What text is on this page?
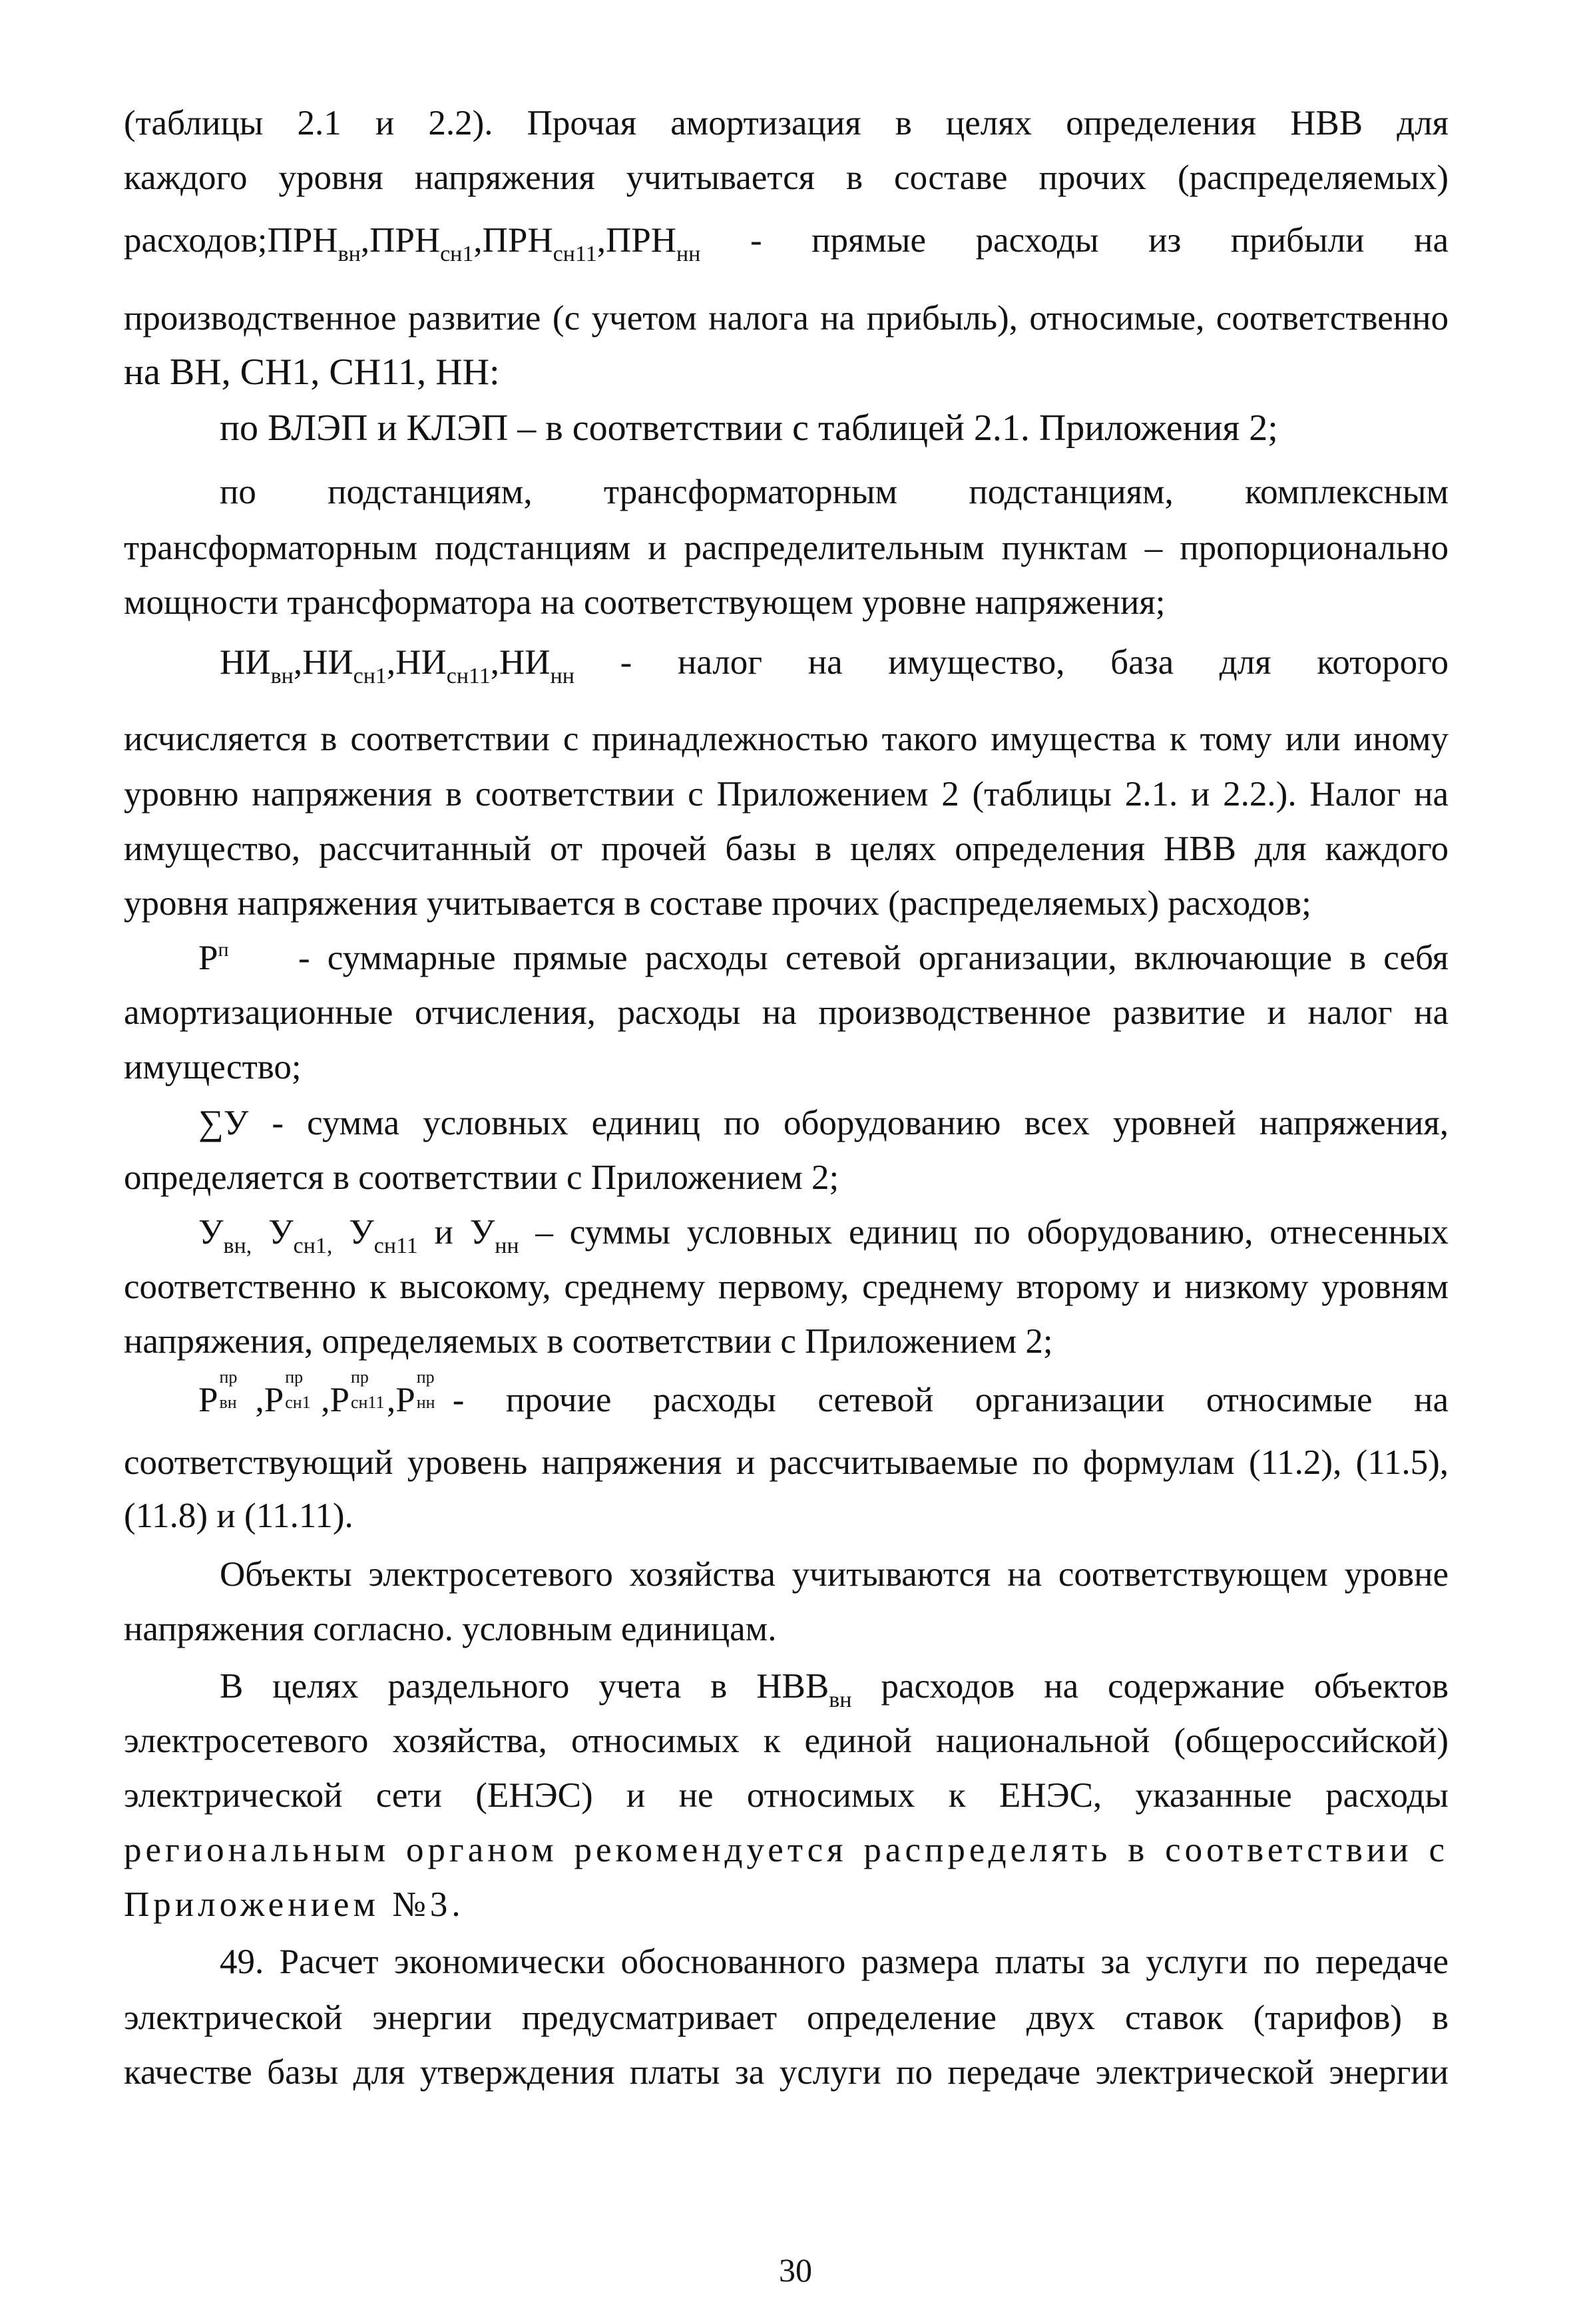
(таблицы 2.1 и 2.2). Прочая амортизация в целях определения НВВ для
каждого уровня напряжения учитывается в составе прочих (распределяемых)
$расходов;ПРН_{вн},ПРН_{сн1},ПРН_{сн11},ПРН_{нн}$ - прямые расходы из прибыли на
производственное развитие (с учетом налога на прибыль), относимые, соответственно
на ВН, СН1, СН11, НН:
по ВЛЭП и КЛЭП – в соответствии с таблицей 2.1. Приложения 2;
по подстанциям, трансформаторным подстанциям, комплексным
трансформаторным подстанциям и распределительным пунктам – пропорционально
мощности трансформатора на соответствующем уровне напряжения;
$НИ_{вн},НИ_{сн1},НИ_{сн11},НИ_{нн}$ - налог на имущество, база для которого
исчисляется в соответствии с принадлежностью такого имущества к тому или иному
уровню напряжения в соответствии с Приложением 2 (таблицы 2.1. и 2.2.). Налог на
имущество, рассчитанный от прочей базы в целях определения НВВ для каждого
уровня напряжения учитывается в составе прочих (распределяемых) расходов;
$Р^п$ - суммарные прямые расходы сетевой организации, включающие в себя
амортизационные отчисления, расходы на производственное развитие и налог на
имущество;
∑У - сумма условных единиц по оборудованию всех уровней напряжения,
определяется в соответствии с Приложением 2;
$У_{вн,}$ $У_{сн1,}$ $У_{сн11}$ и $У_{нн}$ – суммы условных единиц по оборудованию, отнесенных
соответственно к высокому, среднему первому, среднему второму и низкому уровням
напряжения, определяемых в соответствии с Приложением 2;
Р
пр
вн ,Р
пр
сн1 ,Р
пр
сн11 ,Р
пр
нн - прочие расходы сетевой организации относимые на
соответствующий уровень напряжения и рассчитываемые по формулам (11.2), (11.5),
(11.8) и (11.11).
Объекты электросетевого хозяйства учитываются на соответствующем уровне
напряжения согласно. условным единицам.
В целях раздельного учета в $НВВ_{вн}$ расходов на содержание объектов
электросетевого хозяйства, относимых к единой национальной (общероссийской)
электрической сети (ЕНЭС) и не относимых к ЕНЭС, указанные расходы
региональным органом рекомендуется распределять в соответствии с
Приложением №3.
49. Расчет экономически обоснованного размера платы за услуги по передаче
электрической энергии предусматривает определение двух ставок (тарифов) в
качестве базы для утверждения платы за услуги по передаче электрической энергии
30
